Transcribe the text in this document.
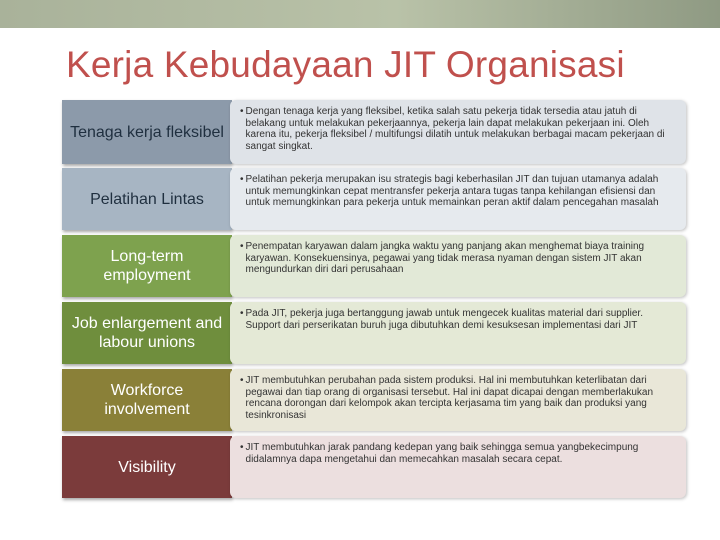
Kerja Kebudayaan JIT Organisasi
Tenaga kerja fleksibel
• Dengan tenaga kerja yang fleksibel, ketika salah satu pekerja tidak tersedia atau jatuh di belakang untuk melakukan pekerjaannya, pekerja lain dapat melakukan pekerjaan ini. Oleh karena itu, pekerja fleksibel / multifungsi dilatih untuk melakukan berbagai macam pekerjaan di sangat singkat.
Pelatihan Lintas
• Pelatihan pekerja merupakan isu strategis bagi keberhasilan JIT dan tujuan utamanya adalah untuk memungkinkan cepat mentransfer pekerja antara tugas tanpa kehilangan efisiensi dan untuk memungkinkan para pekerja untuk memainkan peran aktif dalam pencegahan masalah
Long-term employment
• Penempatan karyawan dalam jangka waktu yang panjang akan menghemat biaya training karyawan. Konsekuensinya, pegawai yang tidak merasa nyaman dengan sistem JIT akan mengundurkan diri dari perusahaan
Job enlargement and labour unions
• Pada JIT, pekerja juga bertanggung jawab untuk mengecek kualitas material dari supplier. Support dari perserikatan buruh juga dibutuhkan demi kesuksesan implementasi dari JIT
Workforce involvement
• JIT membutuhkan perubahan pada sistem produksi. Hal ini membutuhkan keterlibatan dari pegawai dan tiap orang di organisasi tersebut. Hal ini dapat dicapai dengan memberlakukan rencana dorongan dari kelompok akan tercipta kerjasama tim yang baik dan produksi yang tesinkronisasi
Visibility
• JIT membutuhkan jarak pandang kedepan yang baik sehingga semua yangbekecimpung didalamnya dapa mengetahui dan memecahkan masalah secara cepat.
